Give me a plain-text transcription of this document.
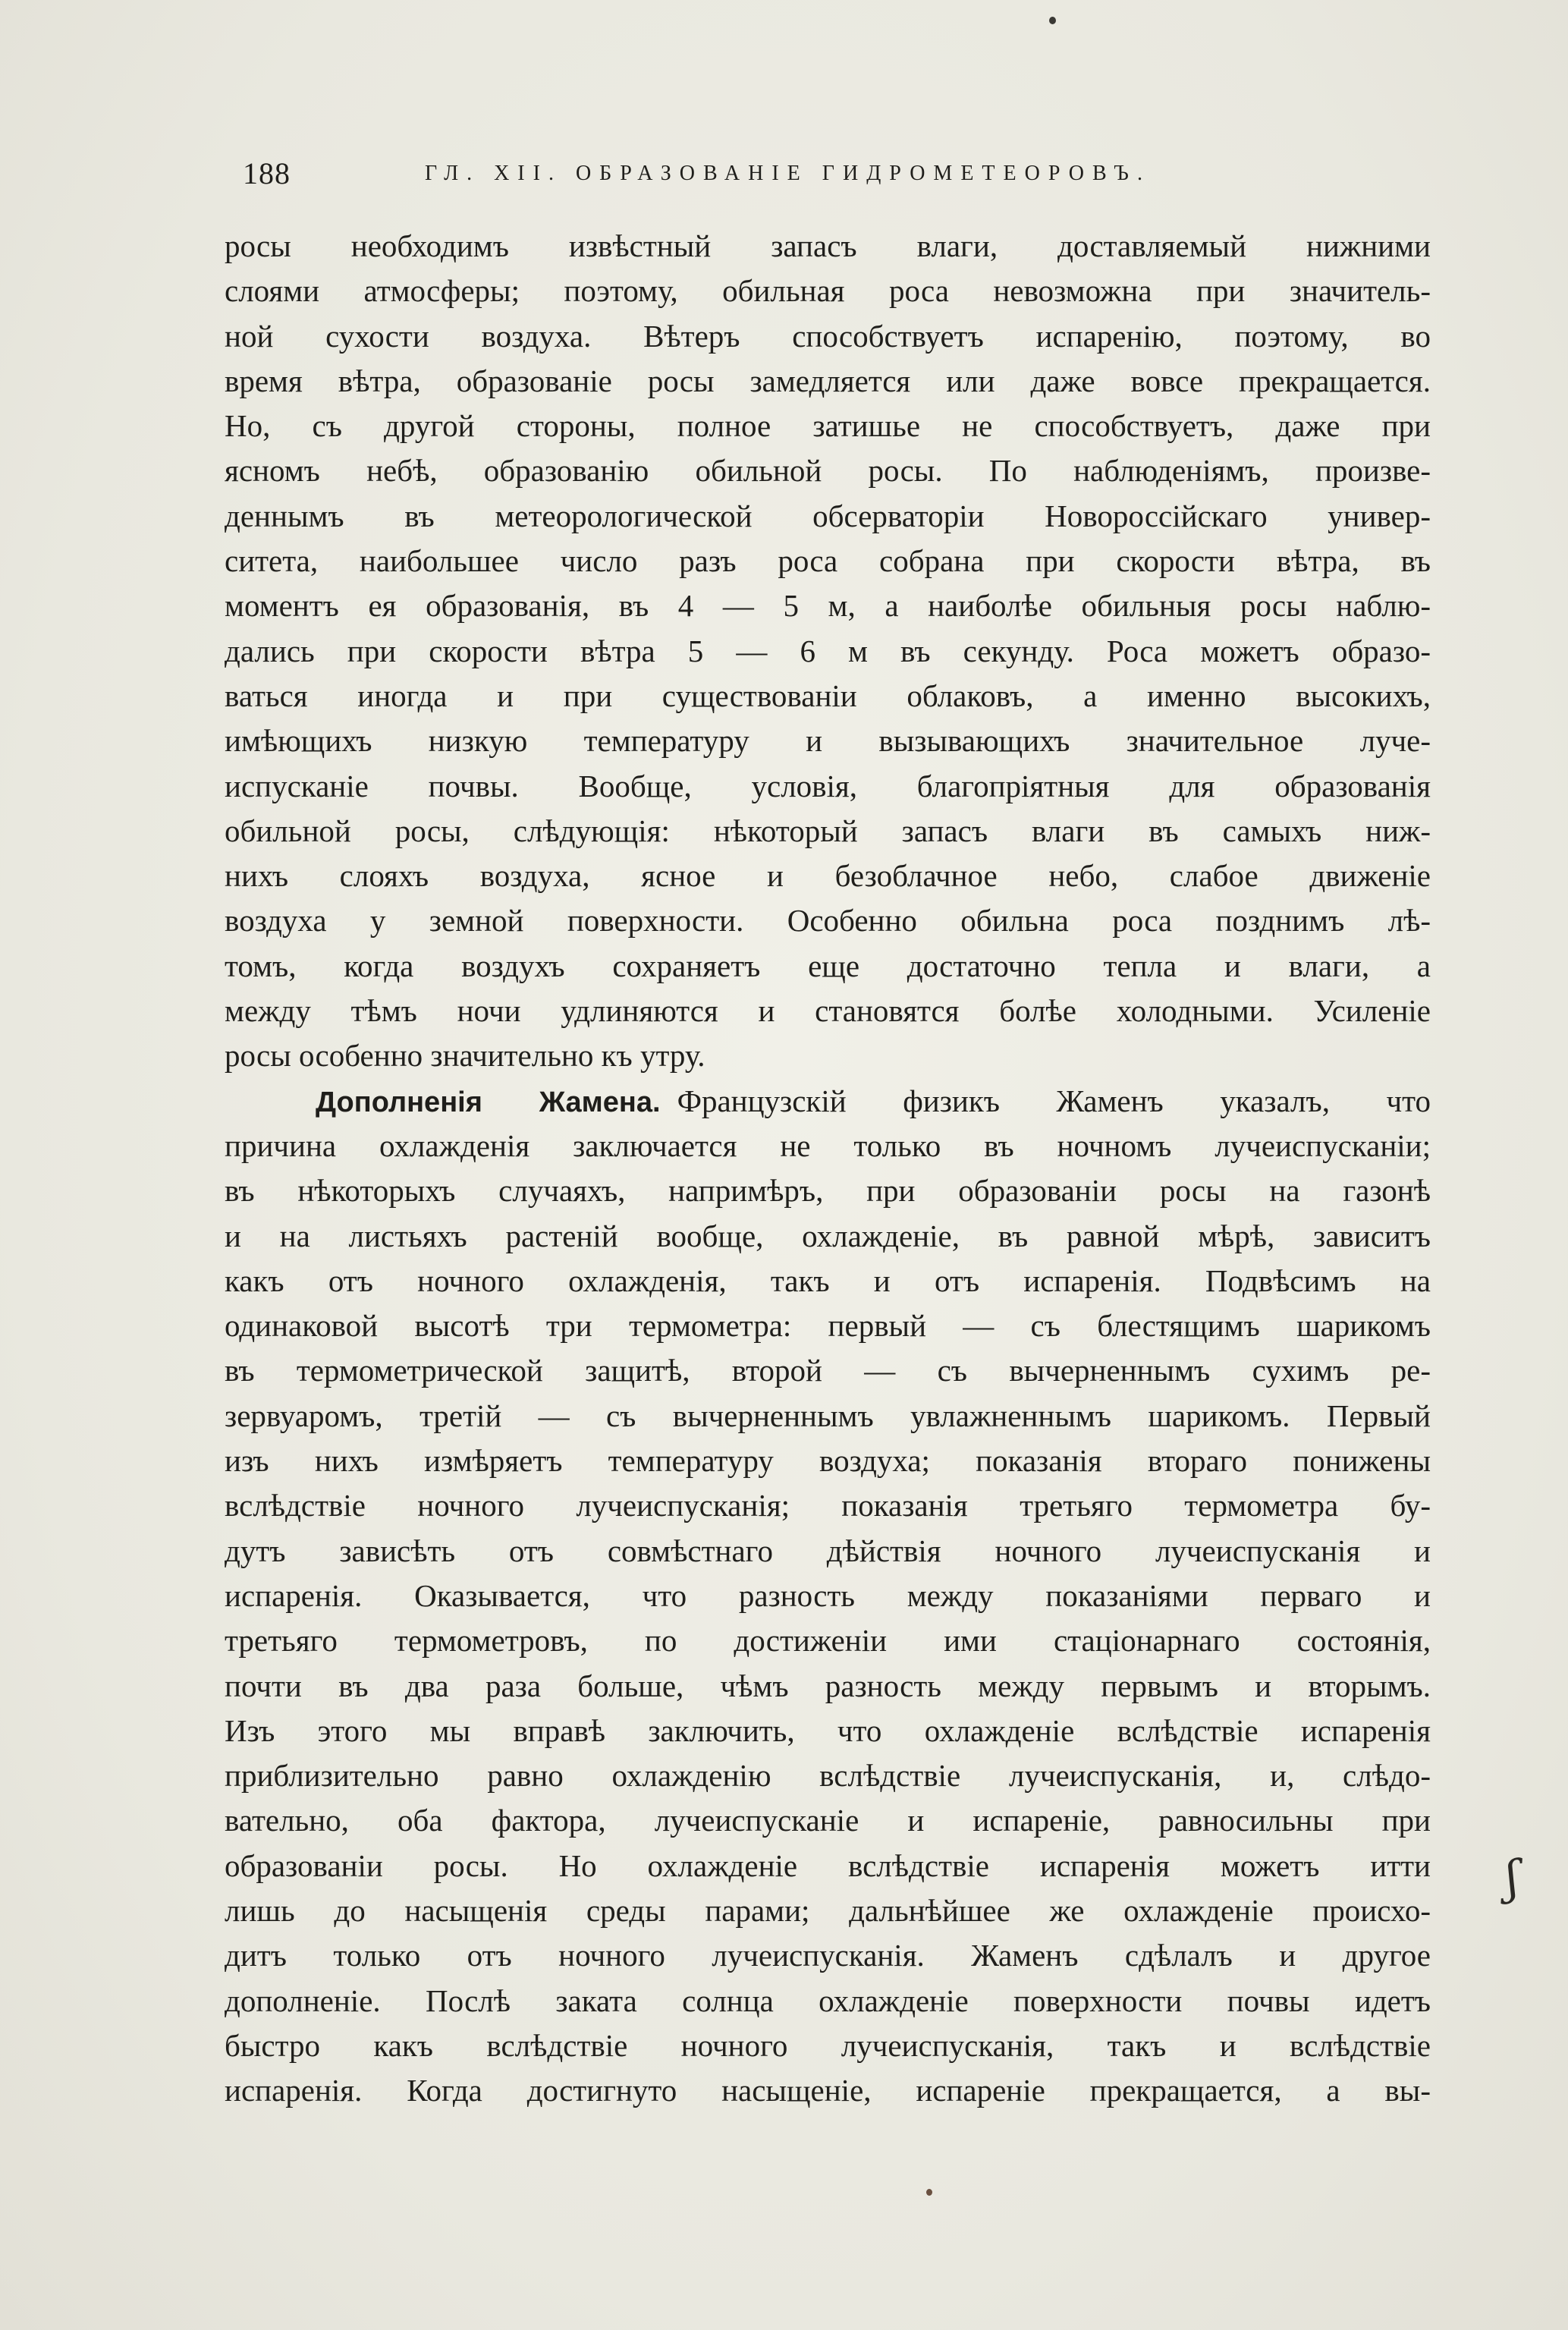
188	ГЛ. XII. ОБРАЗОВАНІЕ ГИДРОМЕТЕОРОВЪ.
росы необходимъ извѣстный запасъ влаги, доставляемый нижними
слоями атмосферы; поэтому, обильная роса невозможна при значитель-
ной сухости воздуха. Вѣтеръ способствуетъ испаренію, поэтому, во
время вѣтра, образованіе росы замедляется или даже вовсе прекращается.
Но, съ другой стороны, полное затишье не способствуетъ, даже при
ясномъ небѣ, образованію обильной росы. По наблюденіямъ, произве-
деннымъ въ метеорологической обсерваторіи Новороссійскаго универ-
ситета, наибольшее число разъ роса собрана при скорости вѣтра, въ
моментъ ея образованія, въ 4 — 5 м, а наиболѣе обильныя росы наблю-
дались при скорости вѣтра 5 — 6 м въ секунду. Роса можетъ образо-
ваться иногда и при существованіи облаковъ, а именно высокихъ,
имѣющихъ низкую температуру и вызывающихъ значительное луче-
испусканіе почвы. Вообще, условія, благопріятныя для образованія
обильной росы, слѣдующія: нѣкоторый запасъ влаги въ самыхъ ниж-
нихъ слояхъ воздуха, ясное и безоблачное небо, слабое движеніе
воздуха у земной поверхности. Особенно обильна роса позднимъ лѣ-
томъ, когда воздухъ сохраняетъ еще достаточно тепла и влаги, а
между тѣмъ ночи удлиняются и становятся болѣе холодными. Усиленіе
росы особенно значительно къ утру.
Дополненія Жамена. Французскій физикъ Жаменъ указалъ, что
причина охлажденія заключается не только въ ночномъ лучеиспусканіи;
въ нѣкоторыхъ случаяхъ, напримѣръ, при образованіи росы на газонѣ
и на листьяхъ растеній вообще, охлажденіе, въ равной мѣрѣ, зависитъ
какъ отъ ночного охлажденія, такъ и отъ испаренія. Подвѣсимъ на
одинаковой высотѣ три термометра: первый — съ блестящимъ шарикомъ
въ термометрической защитѣ, второй — съ вычерненнымъ сухимъ ре-
зервуаромъ, третій — съ вычерненнымъ увлажненнымъ шарикомъ. Первый
изъ нихъ измѣряетъ температуру воздуха; показанія втораго понижены
вслѣдствіе ночного лучеиспусканія; показанія третьяго термометра бу-
дутъ зависѣть отъ совмѣстнаго дѣйствія ночного лучеиспусканія и
испаренія. Оказывается, что разность между показаніями перваго и
третьяго термометровъ, по достиженіи ими стаціонарнаго состоянія,
почти въ два раза больше, чѣмъ разность между первымъ и вторымъ.
Изъ этого мы вправѣ заключить, что охлажденіе вслѣдствіе испаренія
приблизительно равно охлажденію вслѣдствіе лучеиспусканія, и, слѣдо-
вательно, оба фактора, лучеиспусканіе и испареніе, равносильны при
образованіи росы. Но охлажденіе вслѣдствіе испаренія можетъ итти
лишь до насыщенія среды парами; дальнѣйшее же охлажденіе происхо-
дитъ только отъ ночного лучеиспусканія. Жаменъ сдѣлалъ и другое
дополненіе. Послѣ заката солнца охлажденіе поверхности почвы идетъ
быстро какъ вслѣдствіе ночного лучеиспусканія, такъ и вслѣдствіе
испаренія. Когда достигнуто насыщеніе, испареніе прекращается, а вы-
ʃ
